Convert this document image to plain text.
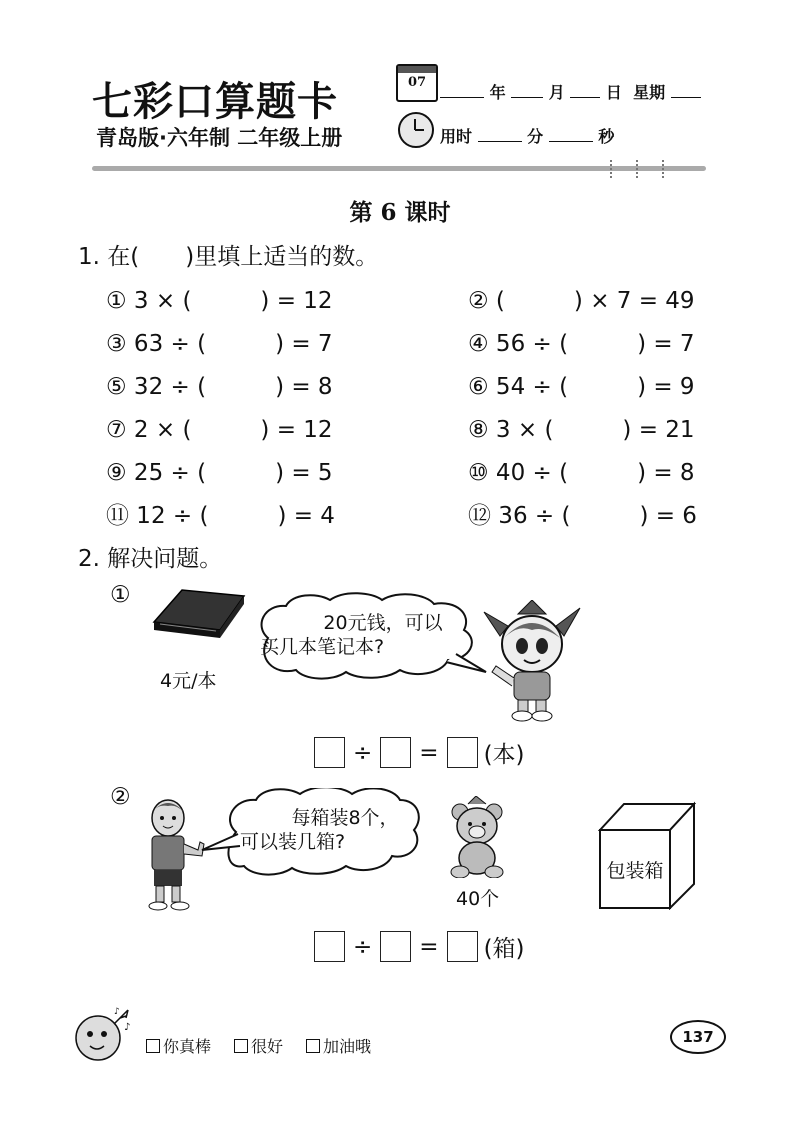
七彩口算题卡
青岛版·六年制 二年级上册
07
年	月	日 星期
用时	分	秒
第 6 课时
1. 在(　　)里填上适当的数。
① 3 × (　　　) = 12	② (　　　) × 7 = 49
③ 63 ÷ (　　　) = 7	④ 56 ÷ (　　　) = 7
⑤ 32 ÷ (　　　) = 8	⑥ 54 ÷ (　　　) = 9
⑦ 2 × (　　　) = 12	⑧ 3 × (　　　) = 21
⑨ 25 ÷ (　　　) = 5	⑩ 40 ÷ (　　　) = 8
⑪ 12 ÷ (　　　) = 4	⑫ 36 ÷ (　　　) = 6
2. 解决问题。
①
4元/本
20元钱，可以
买几本笔记本?
÷ = (本)
②
每箱装8个，
可以装几箱?
40个
包装箱
÷ = (箱)
♪
♪
你真棒 很好 加油哦	137
